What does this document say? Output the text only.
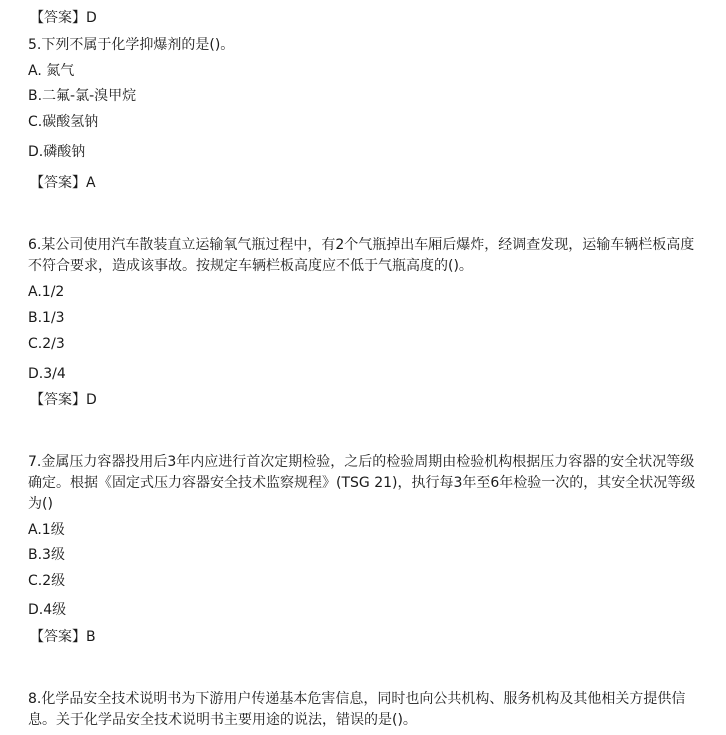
【答案】D
5.下列不属于化学抑爆剂的是()。
A. 氮气
B.二氟-氯-溴甲烷
C.碳酸氢钠
D.磷酸钠
【答案】A
6.某公司使用汽车散装直立运输氧气瓶过程中，有2个气瓶掉出车厢后爆炸，经调查发现，运输车辆栏板高度不符合要求，造成该事故。按规定车辆栏板高度应不低于气瓶高度的()。
A.1/2
B.1/3
C.2/3
D.3/4
【答案】D
7.金属压力容器投用后3年内应进行首次定期检验，之后的检验周期由检验机构根据压力容器的安全状况等级确定。根据《固定式压力容器安全技术监察规程》(TSG 21)，执行每3年至6年检验一次的，其安全状况等级为()
A.1级
B.3级
C.2级
D.4级
【答案】B
8.化学品安全技术说明书为下游用户传递基本危害信息，同时也向公共机构、服务机构及其他相关方提供信息。关于化学品安全技术说明书主要用途的说法，错误的是()。
